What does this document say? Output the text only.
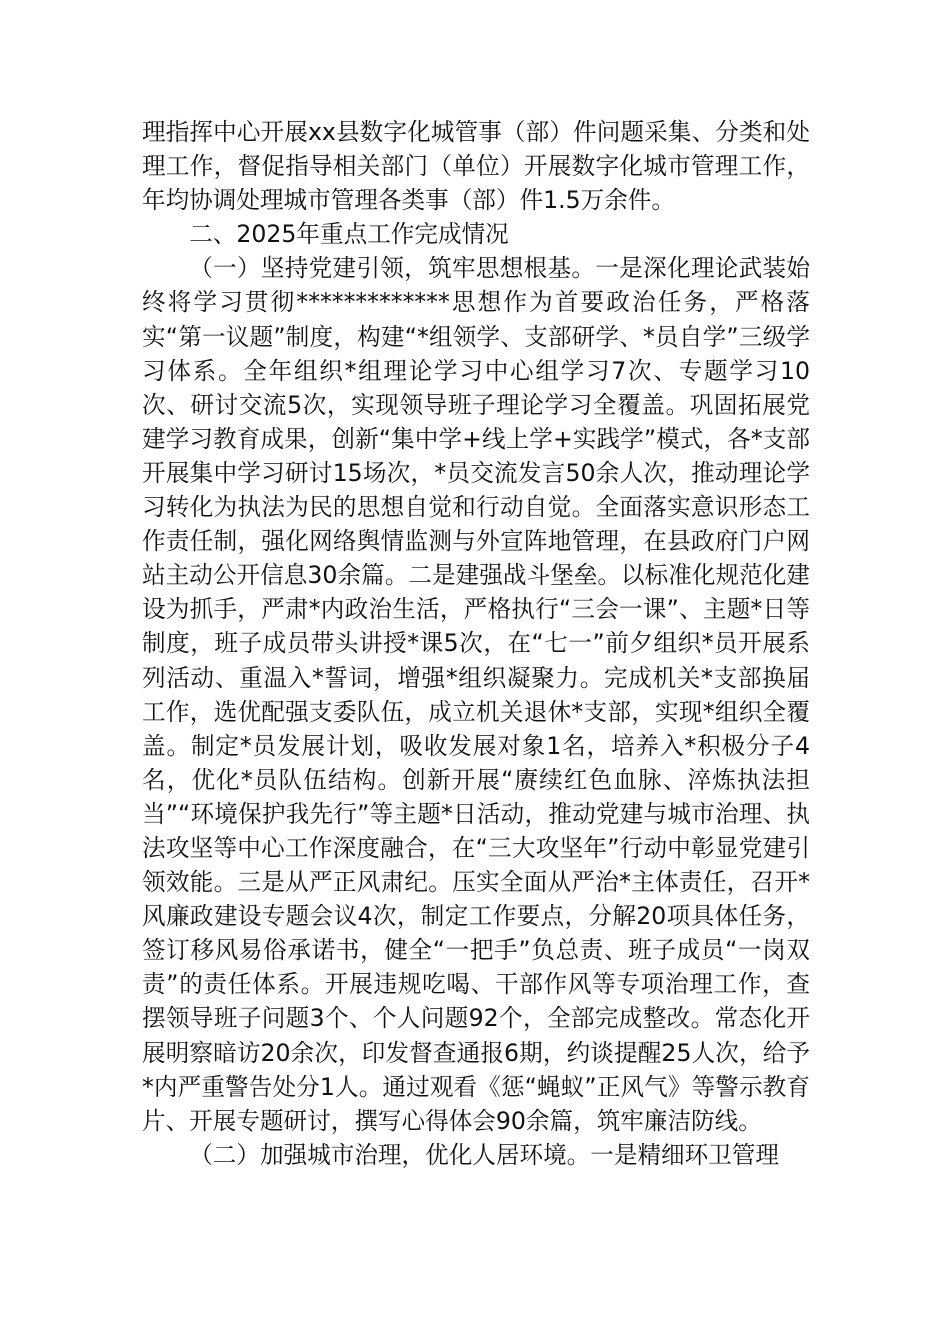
理指挥中心开展xx县数字化城管事（部）件问题采集、分类和处理工作，督促指导相关部门（单位）开展数字化城市管理工作，年均协调处理城市管理各类事（部）件1.5万余件。

二、2025年重点工作完成情况

（一）坚持党建引领，筑牢思想根基。一是深化理论武装始终将学习贯彻*************思想作为首要政治任务，严格落实“第一议题”制度，构建“*组领学、支部研学、*员自学”三级学习体系。全年组织*组理论学习中心组学习7次、专题学习10次、研讨交流5次，实现领导班子理论学习全覆盖。巩固拓展党建学习教育成果，创新“集中学+线上学+实践学”模式，各*支部开展集中学习研讨15场次，*员交流发言50余人次，推动理论学习转化为执法为民的思想自觉和行动自觉。全面落实意识形态工作责任制，强化网络舆情监测与外宣阵地管理，在县政府门户网站主动公开信息30余篇。二是建强战斗堡垒。以标准化规范化建设为抓手，严肃*内政治生活，严格执行“三会一课”、主题*日等制度，班子成员带头讲授*课5次，在“七一”前夕组织*员开展系列活动、重温入*誓词，增强*组织凝聚力。完成机关*支部换届工作，选优配强支委队伍，成立机关退休*支部，实现*组织全覆盖。制定*员发展计划，吸收发展对象1名，培养入*积极分子4名，优化*员队伍结构。创新开展“赓续红色血脉、淬炼执法担当”“环境保护我先行”等主题*日活动，推动党建与城市治理、执法攻坚等中心工作深度融合，在“三大攻坚年”行动中彰显党建引领效能。三是从严正风肃纪。压实全面从严治*主体责任，召开*风廉政建设专题会议4次，制定工作要点，分解20项具体任务，签订移风易俗承诺书，健全“一把手”负总责、班子成员“一岗双责”的责任体系。开展违规吃喝、干部作风等专项治理工作，查摆领导班子问题3个、个人问题92个，全部完成整改。常态化开展明察暗访20余次，印发督查通报6期，约谈提醒25人次，给予*内严重警告处分1人。通过观看《惩“蝇蚁”正风气》等警示教育片、开展专题研讨，撰写心得体会90余篇，筑牢廉洁防线。

（二）加强城市治理，优化人居环境。一是精细环卫管理
